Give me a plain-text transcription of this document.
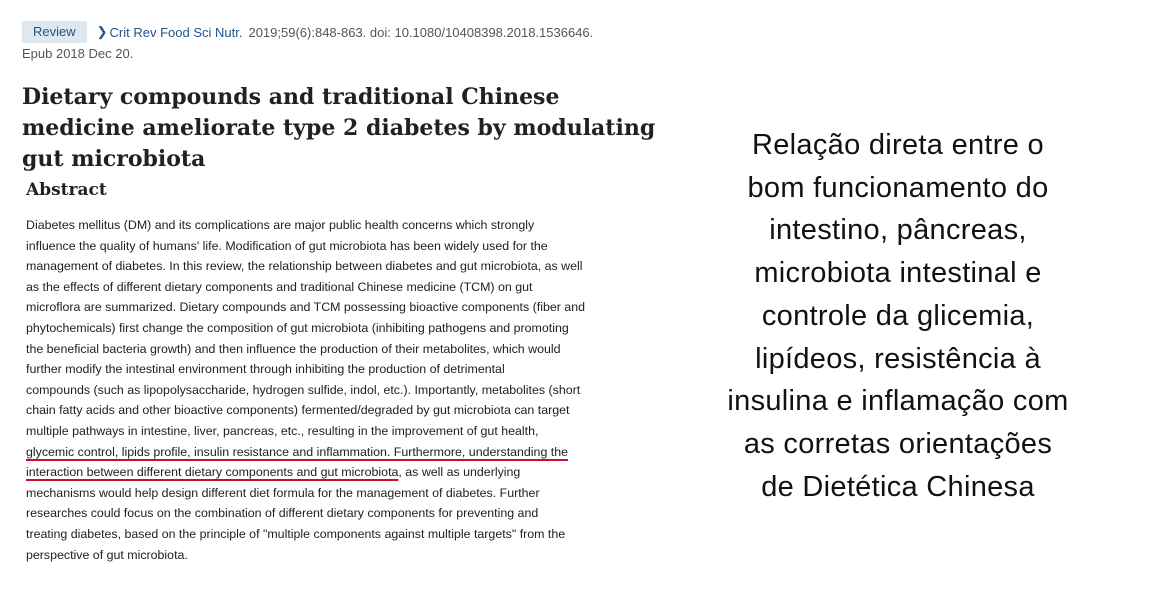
Review	❯ Crit Rev Food Sci Nutr. 2019;59(6):848-863. doi: 10.1080/10408398.2018.1536646.
Epub 2018 Dec 20.
Dietary compounds and traditional Chinese medicine ameliorate type 2 diabetes by modulating gut microbiota
Abstract
Diabetes mellitus (DM) and its complications are major public health concerns which strongly
influence the quality of humans' life. Modification of gut microbiota has been widely used for the
management of diabetes. In this review, the relationship between diabetes and gut microbiota, as well
as the effects of different dietary components and traditional Chinese medicine (TCM) on gut
microflora are summarized. Dietary compounds and TCM possessing bioactive components (fiber and
phytochemicals) first change the composition of gut microbiota (inhibiting pathogens and promoting
the beneficial bacteria growth) and then influence the production of their metabolites, which would
further modify the intestinal environment through inhibiting the production of detrimental
compounds (such as lipopolysaccharide, hydrogen sulfide, indol, etc.). Importantly, metabolites (short
chain fatty acids and other bioactive components) fermented/degraded by gut microbiota can target
multiple pathways in intestine, liver, pancreas, etc., resulting in the improvement of gut health,
glycemic control, lipids profile, insulin resistance and inflammation. Furthermore, understanding the
interaction between different dietary components and gut microbiota, as well as underlying
mechanisms would help design different diet formula for the management of diabetes. Further
researches could focus on the combination of different dietary components for preventing and
treating diabetes, based on the principle of "multiple components against multiple targets" from the
perspective of gut microbiota.
Relação direta entre o
bom funcionamento do
intestino, pâncreas,
microbiota intestinal e
controle da glicemia,
lipídeos, resistência à
insulina e inflamação com
as corretas orientações
de Dietética Chinesa
